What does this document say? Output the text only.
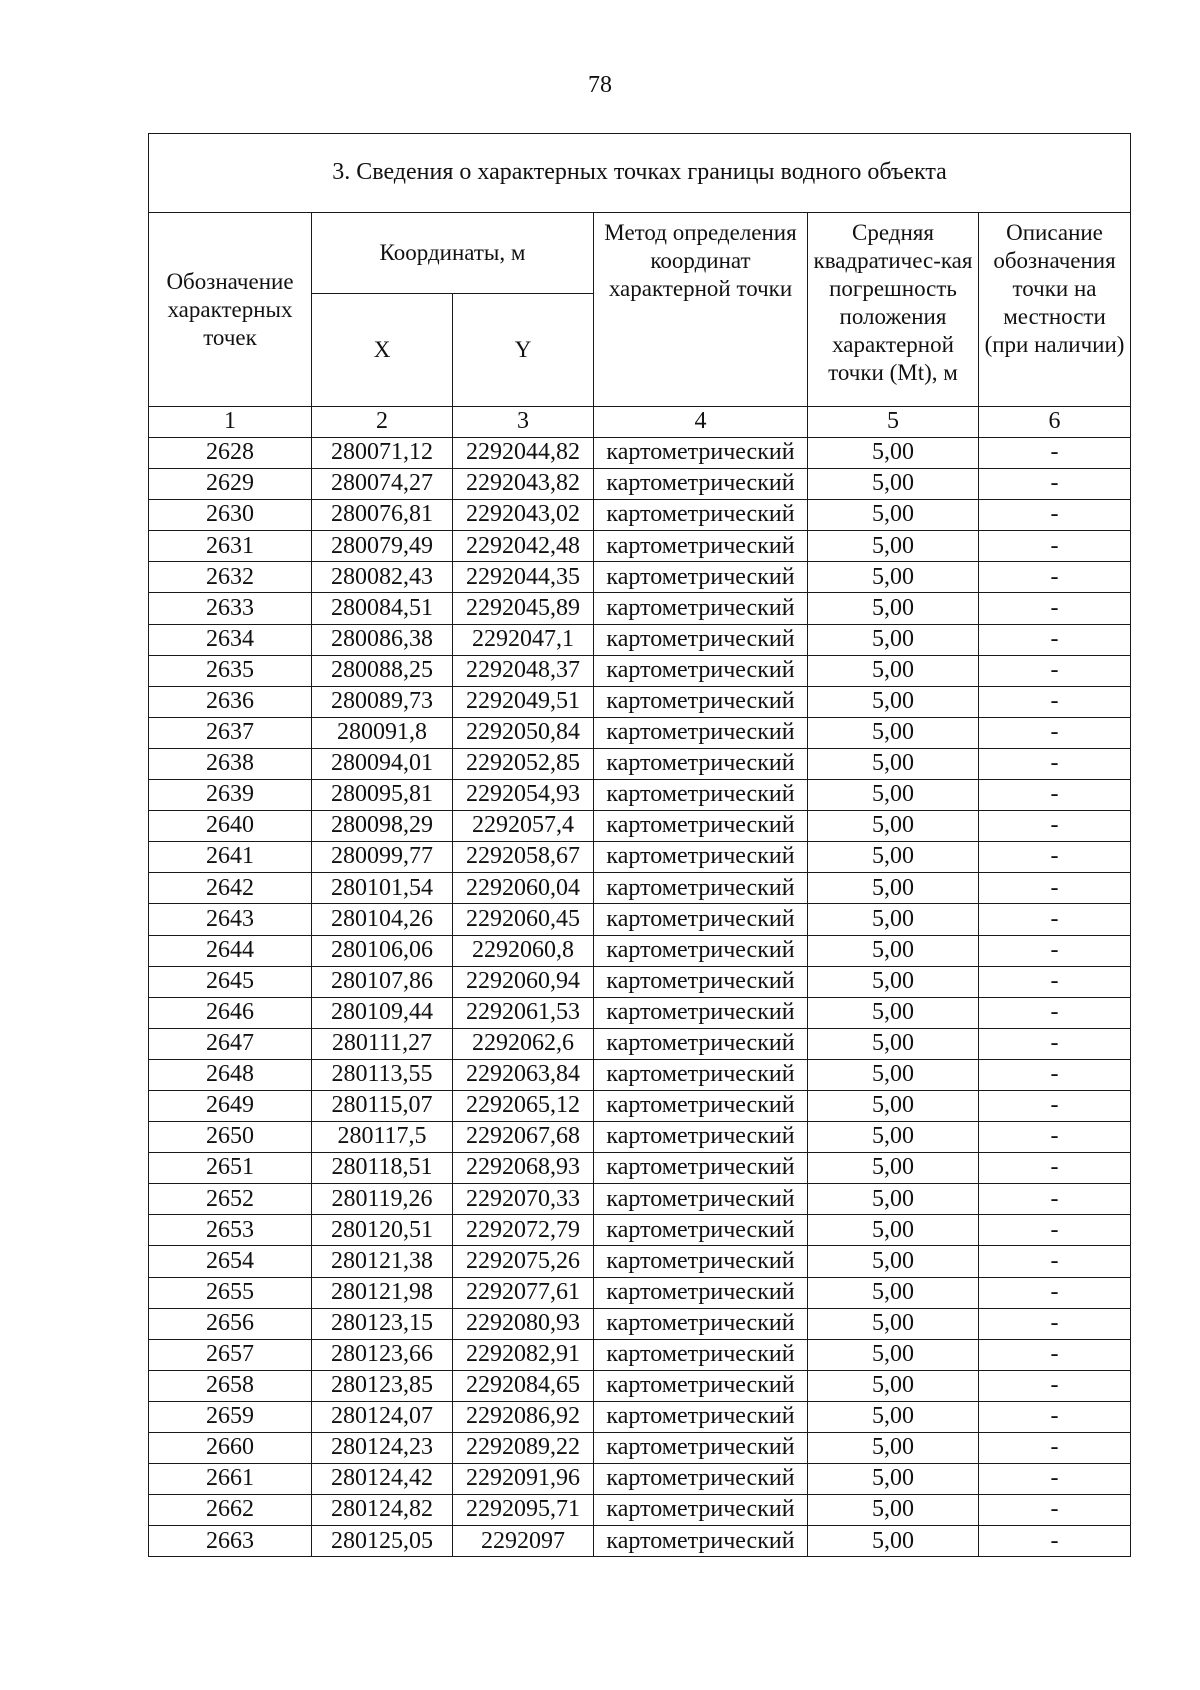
78
3. Сведения о характерных точках границы водного объекта					
Обозначение характерных точек	Координаты, м		Метод определения координат характерной точки	Средняя квадратичес-кая погрешность положения характерной точки (Mt), м	Описание обозначения точки на местности (при наличии)
	X	Y			
1	2	3	4	5	6
2628	280071,12	2292044,82	картометрический	5,00	-
2629	280074,27	2292043,82	картометрический	5,00	-
2630	280076,81	2292043,02	картометрический	5,00	-
2631	280079,49	2292042,48	картометрический	5,00	-
2632	280082,43	2292044,35	картометрический	5,00	-
2633	280084,51	2292045,89	картометрический	5,00	-
2634	280086,38	2292047,1	картометрический	5,00	-
2635	280088,25	2292048,37	картометрический	5,00	-
2636	280089,73	2292049,51	картометрический	5,00	-
2637	280091,8	2292050,84	картометрический	5,00	-
2638	280094,01	2292052,85	картометрический	5,00	-
2639	280095,81	2292054,93	картометрический	5,00	-
2640	280098,29	2292057,4	картометрический	5,00	-
2641	280099,77	2292058,67	картометрический	5,00	-
2642	280101,54	2292060,04	картометрический	5,00	-
2643	280104,26	2292060,45	картометрический	5,00	-
2644	280106,06	2292060,8	картометрический	5,00	-
2645	280107,86	2292060,94	картометрический	5,00	-
2646	280109,44	2292061,53	картометрический	5,00	-
2647	280111,27	2292062,6	картометрический	5,00	-
2648	280113,55	2292063,84	картометрический	5,00	-
2649	280115,07	2292065,12	картометрический	5,00	-
2650	280117,5	2292067,68	картометрический	5,00	-
2651	280118,51	2292068,93	картометрический	5,00	-
2652	280119,26	2292070,33	картометрический	5,00	-
2653	280120,51	2292072,79	картометрический	5,00	-
2654	280121,38	2292075,26	картометрический	5,00	-
2655	280121,98	2292077,61	картометрический	5,00	-
2656	280123,15	2292080,93	картометрический	5,00	-
2657	280123,66	2292082,91	картометрический	5,00	-
2658	280123,85	2292084,65	картометрический	5,00	-
2659	280124,07	2292086,92	картометрический	5,00	-
2660	280124,23	2292089,22	картометрический	5,00	-
2661	280124,42	2292091,96	картометрический	5,00	-
2662	280124,82	2292095,71	картометрический	5,00	-
2663	280125,05	2292097	картометрический	5,00	-
